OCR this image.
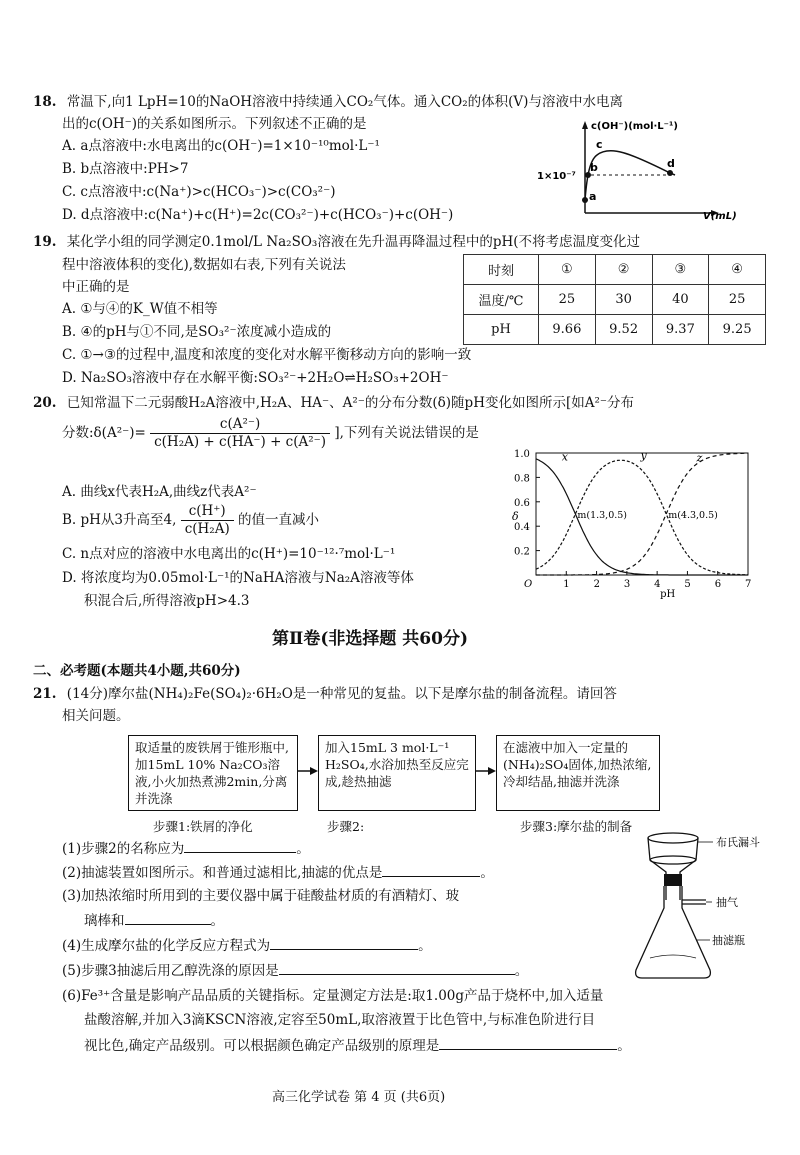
18. 常温下,向1 LpH=10的NaOH溶液中持续通入CO₂气体。通入CO₂的体积(V)与溶液中水电离
出的c(OH⁻)的关系如图所示。下列叙述不正确的是
A. a点溶液中:水电离出的c(OH⁻)=1×10⁻¹⁰mol·L⁻¹
B. b点溶液中:PH>7
C. c点溶液中:c(Na⁺)>c(HCO₃⁻)>c(CO₃²⁻)
D. d点溶液中:c(Na⁺)+c(H⁺)=2c(CO₃²⁻)+c(HCO₃⁻)+c(OH⁻)
a
b
c
d
1×10⁻⁷
c(OH⁻)(mol·L⁻¹)
V(mL)
19. 某化学小组的同学测定0.1mol/L Na₂SO₃溶液在先升温再降温过程中的pH(不将考虑温度变化过
程中溶液体积的变化),数据如右表,下列有关说法
中正确的是
A. ①与④的K_W值不相等
B. ④的pH与①不同,是SO₃²⁻浓度减小造成的
C. ①→③的过程中,温度和浓度的变化对水解平衡移动方向的影响一致
D. Na₂SO₃溶液中存在水解平衡:SO₃²⁻+2H₂O⇌H₂SO₃+2OH⁻
时刻	①	②	③	④
温度/℃	25	30	40	25
pH	9.66	9.52	9.37	9.25
20. 已知常温下二元弱酸H₂A溶液中,H₂A、HA⁻、A²⁻的分布分数(δ)随pH变化如图所示[如A²⁻分布
分数:δ(A²⁻)= $\frac{\text{c(A²⁻)}}{\text{c(H₂A) + c(HA⁻) + c(A²⁻)}}$ ],下列有关说法错误的是
A. 曲线x代表H₂A,曲线z代表A²⁻
B. pH从3升高至4, $\frac{c(H^+)}{\text{c(H₂A)}}$ 的值一直减小
C. n点对应的溶液中水电离出的c(H⁺)=10⁻¹²·⁷mol·L⁻¹
D. 将浓度均为0.05mol·L⁻¹的NaHA溶液与Na₂A溶液等体
积混合后,所得溶液pH>4.3
O	1 2 3 4 5 6 7
0.2
0.4
0.6
0.8
1.0
pH
δ
x	y	z
m(1.3,0.5)	m(4.3,0.5)
第Ⅱ卷(非选择题 共60分)
二、必考题(本题共4小题,共60分)
21. (14分)摩尔盐(NH₄)₂Fe(SO₄)₂·6H₂O是一种常见的复盐。以下是摩尔盐的制备流程。请回答
相关问题。
取适量的废铁屑于锥形瓶中,加15mL 10% Na₂CO₃溶液,小火加热煮沸2min,分离并洗涤
加入15mL 3 mol·L⁻¹ H₂SO₄,水浴加热至反应完成,趁热抽滤
在滤液中加入一定量的(NH₄)₂SO₄固体,加热浓缩,冷却结晶,抽滤并洗涤
步骤1:铁屑的净化	步骤2:	步骤3:摩尔盐的制备
(1)步骤2的名称应为	。
(2)抽滤装置如图所示。和普通过滤相比,抽滤的优点是	。
(3)加热浓缩时所用到的主要仪器中属于硅酸盐材质的有酒精灯、玻
璃棒和	。
(4)生成摩尔盐的化学反应方程式为	。
(5)步骤3抽滤后用乙醇洗涤的原因是	。
(6)Fe³⁺含量是影响产品品质的关键指标。定量测定方法是:取1.00g产品于烧杯中,加入适量
盐酸溶解,并加入3滴KSCN溶液,定容至50mL,取溶液置于比色管中,与标准色阶进行目
视比色,确定产品级别。可以根据颜色确定产品级别的原理是	。
布氏漏斗
抽气
抽滤瓶
高三化学试卷 第 4 页 (共6页)
